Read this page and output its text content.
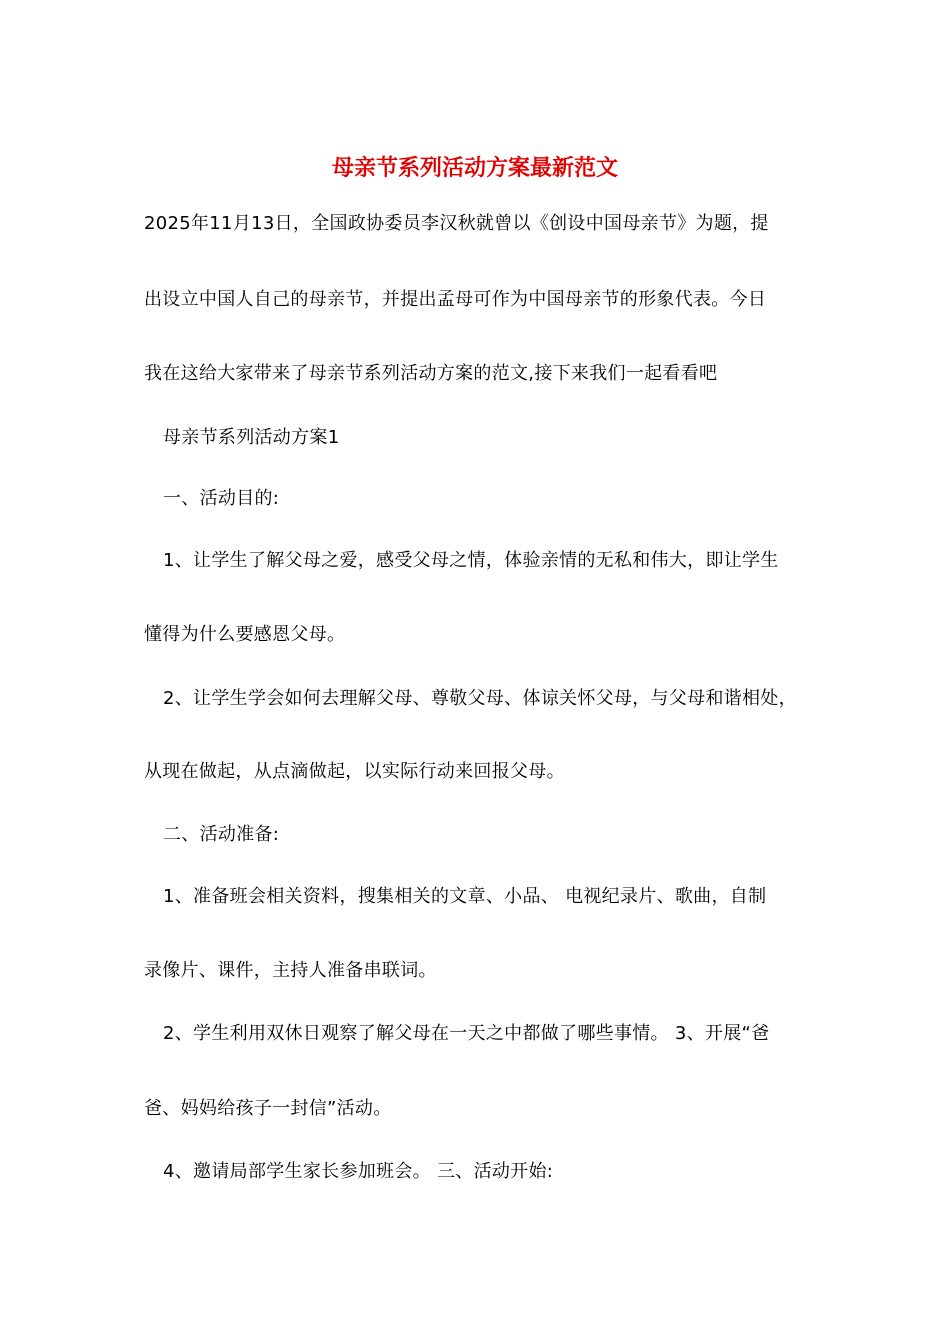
母亲节系列活动方案最新范文
2025年11月13日，全国政协委员李汉秋就曾以《创设中国母亲节》为题，提
出设立中国人自己的母亲节，并提出孟母可作为中国母亲节的形象代表。今日
我在这给大家带来了母亲节系列活动方案的范文,接下来我们一起看看吧
母亲节系列活动方案1
一、活动目的:
1、让学生了解父母之爱，感受父母之情，体验亲情的无私和伟大，即让学生
懂得为什么要感恩父母。
2、让学生学会如何去理解父母、尊敬父母、体谅关怀父母，与父母和谐相处，
从现在做起，从点滴做起，以实际行动来回报父母。
二、活动准备:
1、准备班会相关资料，搜集相关的文章、小品、 电视纪录片、歌曲，自制
录像片、课件，主持人准备串联词。
2、学生利用双休日观察了解父母在一天之中都做了哪些事情。 3、开展“爸
爸、妈妈给孩子一封信”活动。
4、邀请局部学生家长参加班会。 三、活动开始:
